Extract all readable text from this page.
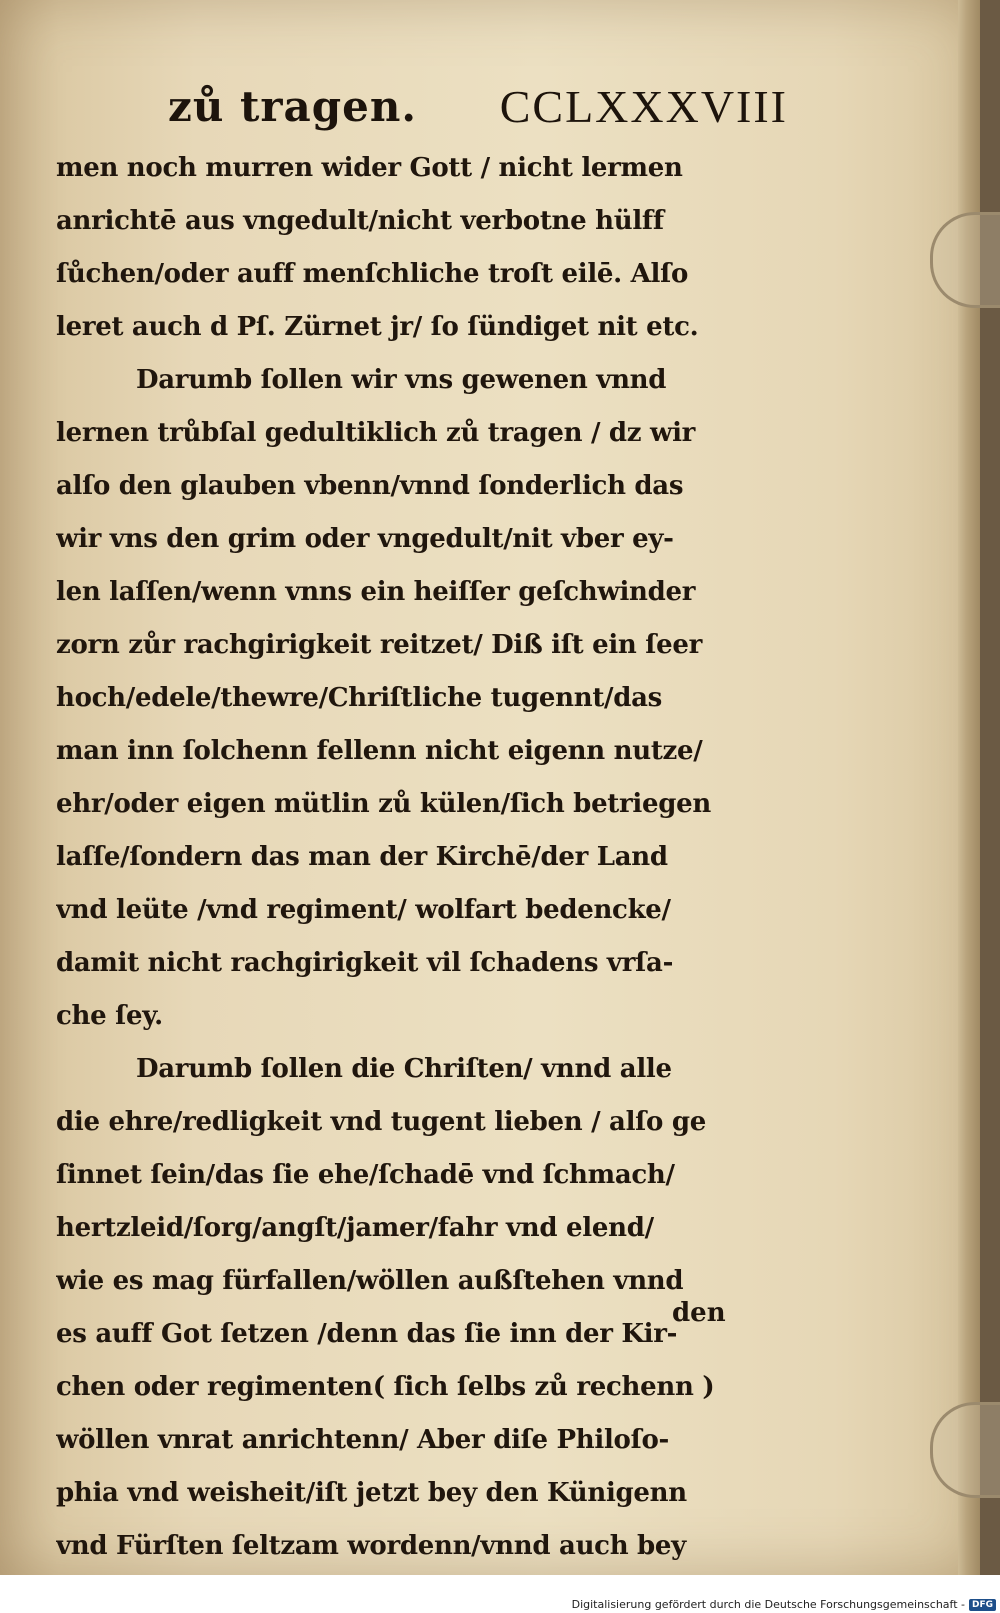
zů tragen. CCLXXXVIII
men noch murren wider Gott / nicht lermen
anrichtē aus vngedult/nicht verbotne hülff
ſůchen/oder auff menſchliche troſt eilē. Alſo
leret auch d Pſ. Zürnet jr/ ſo ſündiget nit etc.
Darumb ſollen wir vns gewenen vnnd
lernen trůbſal gedultiklich zů tragen / dz wir
alſo den glauben vbenn/vnnd ſonderlich das
wir vns den grim oder vngedult/nit vber ey-
len laſſen/wenn vnns ein heiſſer geſchwinder
zorn zůr rachgirigkeit reitzet/ Diß iſt ein ſeer
hoch/edele/thewre/Chriſtliche tugennt/das
man inn ſolchenn fellenn nicht eigenn nutze/
ehr/oder eigen mütlin zů külen/ſich betriegen
laſſe/ſondern das man der Kirchē/der Land
vnd leüte /vnd regiment/ wolfart bedencke/
damit nicht rachgirigkeit vil ſchadens vrſa-
che ſey.
Darumb ſollen die Chriſten/ vnnd alle
die ehre/redligkeit vnd tugent lieben / alſo ge
ſinnet ſein/das ſie ehe/ſchadē vnd ſchmach/
hertzleid/ſorg/angſt/jamer/fahr vnd elend/
wie es mag fürfallen/wöllen außſtehen vnnd
es auff Got ſetzen /denn das ſie inn der Kir-
chen oder regimenten( ſich ſelbs zů rechenn )
wöllen vnrat anrichtenn/ Aber diſe Philoſo-
phia vnd weisheit/iſt jetzt bey den Künigenn
vnd Fürſten ſeltzam wordenn/vnnd auch bey
den
Digitalisierung gefördert durch die Deutsche Forschungsgemeinschaft - DFG
